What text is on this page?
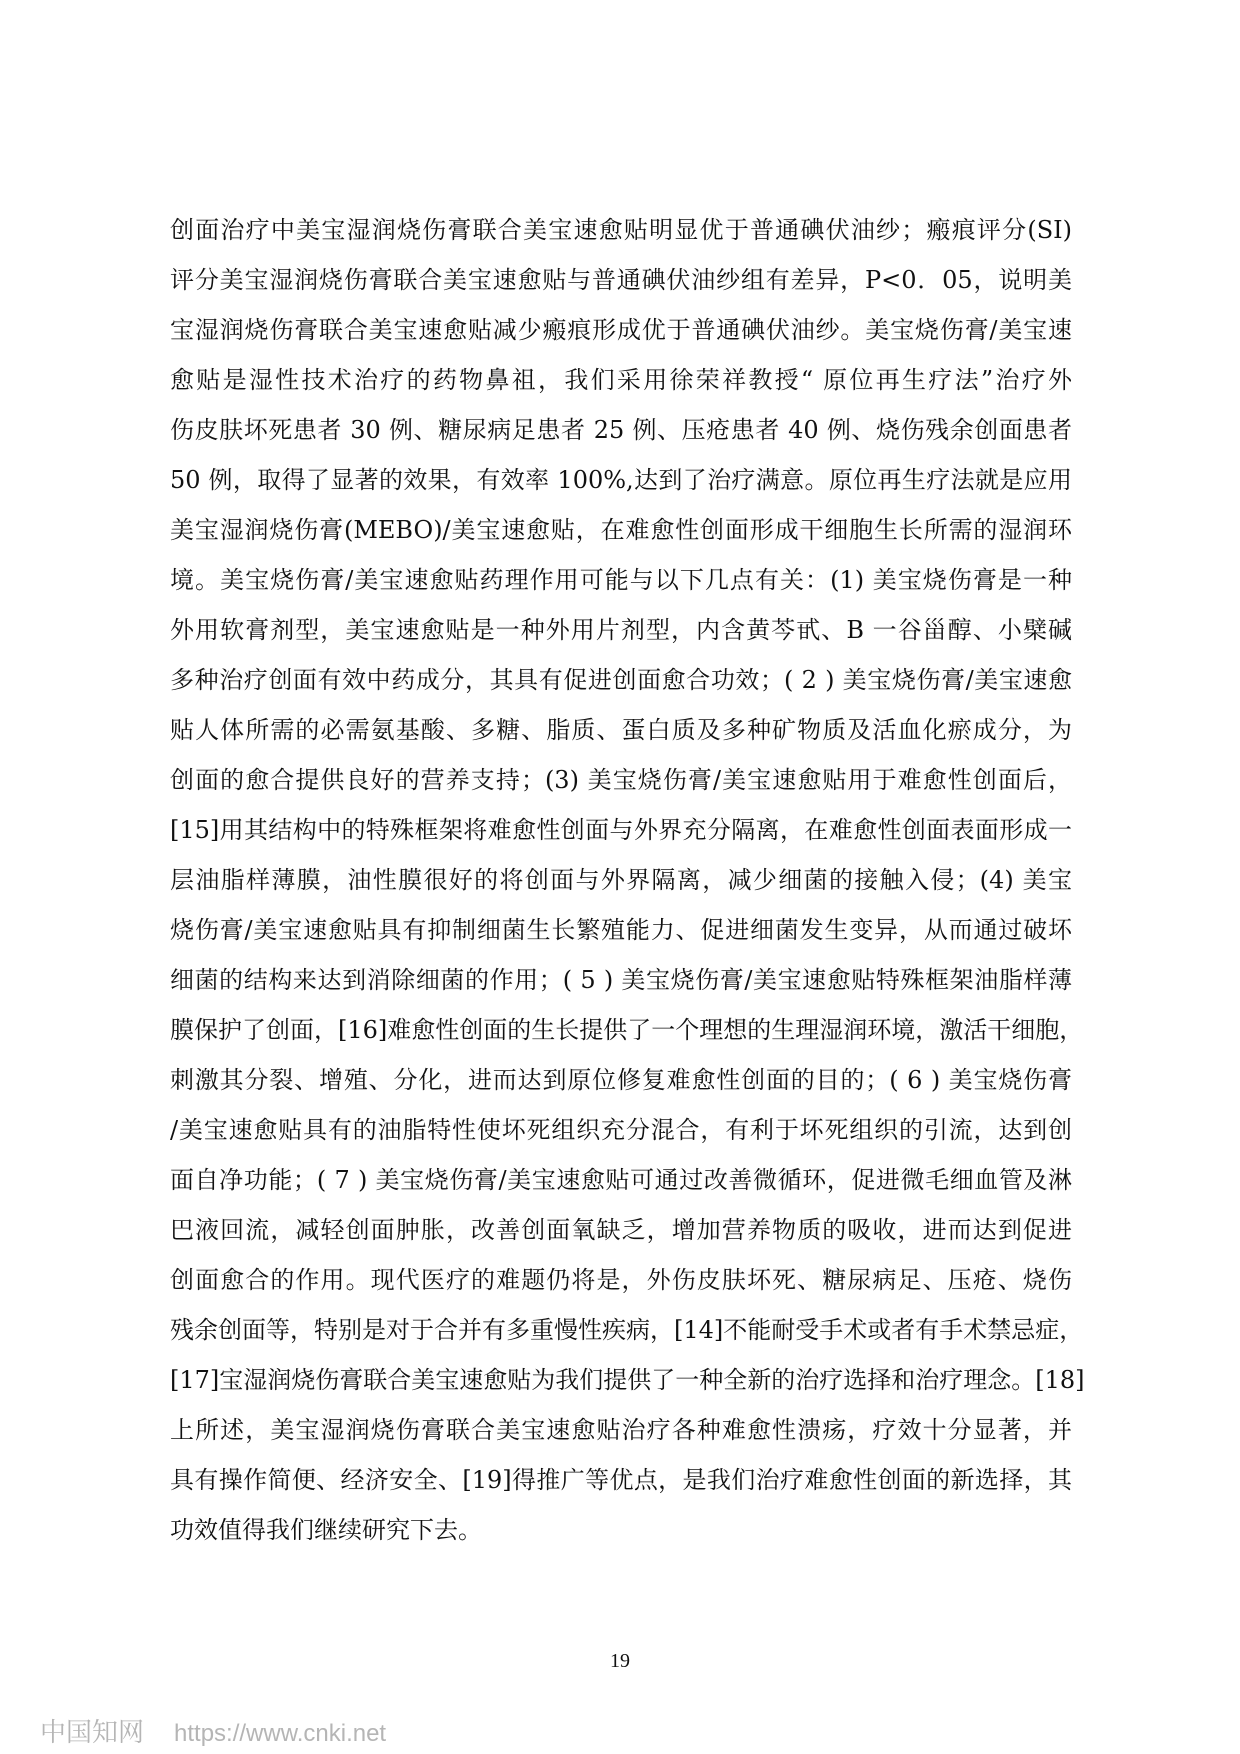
创面治疗中美宝湿润烧伤膏联合美宝速愈贴明显优于普通碘伏油纱；瘢痕评分(SI)
评分美宝湿润烧伤膏联合美宝速愈贴与普通碘伏油纱组有差异，P<0．05，说明美
宝湿润烧伤膏联合美宝速愈贴减少瘢痕形成优于普通碘伏油纱。美宝烧伤膏/美宝速
愈贴是湿性技术治疗的药物鼻祖，我们采用徐荣祥教授“ 原位再生疗法”治疗外
伤皮肤坏死患者 30 例、糖尿病足患者 25 例、压疮患者 40 例、烧伤残余创面患者
50 例，取得了显著的效果，有效率 100%,达到了治疗满意。原位再生疗法就是应用
美宝湿润烧伤膏(MEBO)/美宝速愈贴，在难愈性创面形成干细胞生长所需的湿润环
境。美宝烧伤膏/美宝速愈贴药理作用可能与以下几点有关：(1) 美宝烧伤膏是一种
外用软膏剂型，美宝速愈贴是一种外用片剂型，内含黄芩甙、B 一谷甾醇、小檗碱
多种治疗创面有效中药成分，其具有促进创面愈合功效；( 2 ) 美宝烧伤膏/美宝速愈
贴人体所需的必需氨基酸、多糖、脂质、蛋白质及多种矿物质及活血化瘀成分，为
创面的愈合提供良好的营养支持；(3) 美宝烧伤膏/美宝速愈贴用于难愈性创面后，
[15]用其结构中的特殊框架将难愈性创面与外界充分隔离，在难愈性创面表面形成一
层油脂样薄膜，油性膜很好的将创面与外界隔离，减少细菌的接触入侵；(4) 美宝
烧伤膏/美宝速愈贴具有抑制细菌生长繁殖能力、促进细菌发生变异，从而通过破坏
细菌的结构来达到消除细菌的作用；( 5 ) 美宝烧伤膏/美宝速愈贴特殊框架油脂样薄
膜保护了创面，[16]难愈性创面的生长提供了一个理想的生理湿润环境，激活干细胞，
刺激其分裂、增殖、分化，进而达到原位修复难愈性创面的目的；( 6 ) 美宝烧伤膏
/美宝速愈贴具有的油脂特性使坏死组织充分混合，有利于坏死组织的引流，达到创
面自净功能；( 7 ) 美宝烧伤膏/美宝速愈贴可通过改善微循环，促进微毛细血管及淋
巴液回流，减轻创面肿胀，改善创面氧缺乏，增加营养物质的吸收，进而达到促进
创面愈合的作用。现代医疗的难题仍将是，外伤皮肤坏死、糖尿病足、压疮、烧伤
残余创面等，特别是对于合并有多重慢性疾病，[14]不能耐受手术或者有手术禁忌症，
[17]宝湿润烧伤膏联合美宝速愈贴为我们提供了一种全新的治疗选择和治疗理念。[18]
上所述，美宝湿润烧伤膏联合美宝速愈贴治疗各种难愈性溃疡，疗效十分显著，并
具有操作简便、经济安全、[19]得推广等优点，是我们治疗难愈性创面的新选择，其
功效值得我们继续研究下去。
19
中国知网 https://www.cnki.net
